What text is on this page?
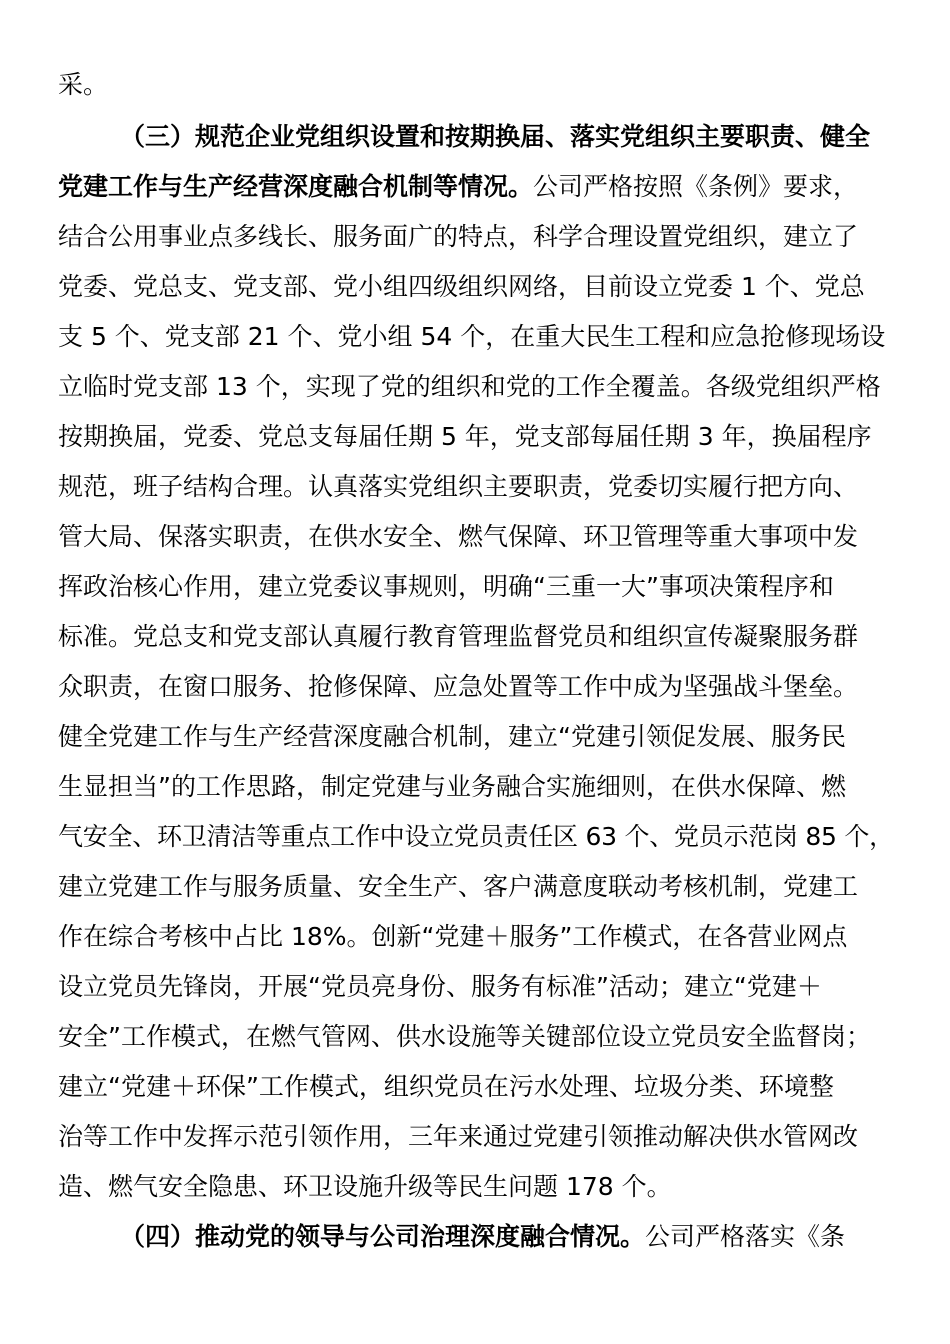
采。
（三）规范企业党组织设置和按期换届、落实党组织主要职责、健全
党建工作与生产经营深度融合机制等情况。公司严格按照《条例》要求，
结合公用事业点多线长、服务面广的特点，科学合理设置党组织，建立了
党委、党总支、党支部、党小组四级组织网络，目前设立党委 1 个、党总
支 5 个、党支部 21 个、党小组 54 个，在重大民生工程和应急抢修现场设
立临时党支部 13 个，实现了党的组织和党的工作全覆盖。各级党组织严格
按期换届，党委、党总支每届任期 5 年，党支部每届任期 3 年，换届程序
规范，班子结构合理。认真落实党组织主要职责，党委切实履行把方向、
管大局、保落实职责，在供水安全、燃气保障、环卫管理等重大事项中发
挥政治核心作用，建立党委议事规则，明确“三重一大”事项决策程序和
标准。党总支和党支部认真履行教育管理监督党员和组织宣传凝聚服务群
众职责，在窗口服务、抢修保障、应急处置等工作中成为坚强战斗堡垒。
健全党建工作与生产经营深度融合机制，建立“党建引领促发展、服务民
生显担当”的工作思路，制定党建与业务融合实施细则，在供水保障、燃
气安全、环卫清洁等重点工作中设立党员责任区 63 个、党员示范岗 85 个，
建立党建工作与服务质量、安全生产、客户满意度联动考核机制，党建工
作在综合考核中占比 18%。创新“党建＋服务”工作模式，在各营业网点
设立党员先锋岗，开展“党员亮身份、服务有标准”活动；建立“党建＋
安全”工作模式，在燃气管网、供水设施等关键部位设立党员安全监督岗；
建立“党建＋环保”工作模式，组织党员在污水处理、垃圾分类、环境整
治等工作中发挥示范引领作用，三年来通过党建引领推动解决供水管网改
造、燃气安全隐患、环卫设施升级等民生问题 178 个。
（四）推动党的领导与公司治理深度融合情况。公司严格落实《条
